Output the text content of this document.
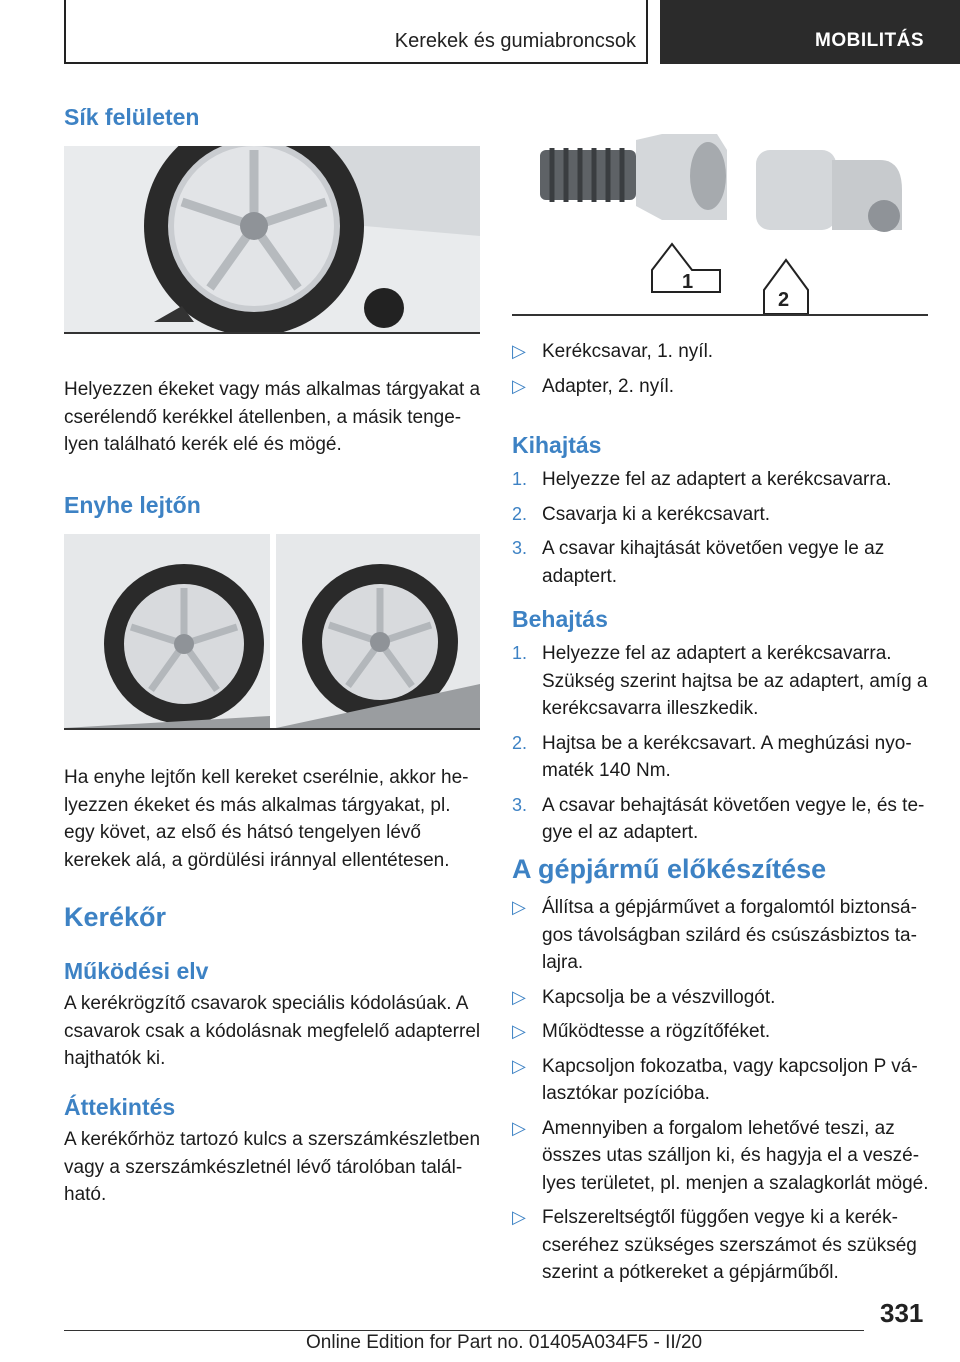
Kerekek és gumiabroncsok	MOBILITÁS
Sík felületen
Helyezzen ékeket vagy más alkalmas tárgyakat a cserélendő kerékkel átellenben, a másik tengelyen található kerék elé és mögé.
Enyhe lejtőn
Ha enyhe lejtőn kell kereket cserélnie, akkor helyezzen ékeket és más alkalmas tárgyakat, pl. egy követ, az első és hátsó tengelyen lévő kerekek alá, a gördülési iránnyal ellentétesen.
Kerékőr
Működési elv
A kerékrögzítő csavarok speciális kódolásúak. A csavarok csak a kódolásnak megfelelő adapterrel hajthatók ki.
Áttekintés
A kerékőrhöz tartozó kulcs a szerszámkészletben vagy a szerszámkészletnél lévő tárolóban található.
1
2
▷ Kerékcsavar, 1. nyíl.
▷ Adapter, 2. nyíl.
Kihajtás
1. Helyezze fel az adaptert a kerékcsavarra.
2. Csavarja ki a kerékcsavart.
3. A csavar kihajtását követően vegye le az adaptert.
Behajtás
1. Helyezze fel az adaptert a kerékcsavarra. Szükség szerint hajtsa be az adaptert, amíg a kerékcsavarra illeszkedik.
2. Hajtsa be a kerékcsavart. A meghúzási nyomaték 140 Nm.
3. A csavar behajtását követően vegye le, és tegye el az adaptert.
A gépjármű előkészítése
▷ Állítsa a gépjárművet a forgalomtól biztonságos távolságban szilárd és csúszásbiztos talajra.
▷ Kapcsolja be a vészvillogót.
▷ Működtesse a rögzítőféket.
▷ Kapcsoljon fokozatba, vagy kapcsoljon P választókar pozícióba.
▷ Amennyiben a forgalom lehetővé teszi, az összes utas szálljon ki, és hagyja el a veszélyes területet, pl. menjen a szalagkorlát mögé.
▷ Felszereltségtől függően vegye ki a kerékcseréhez szükséges szerszámot és szükség szerint a pótkereket a gépjárműből.
331
Online Edition for Part no. 01405A034F5 - II/20
